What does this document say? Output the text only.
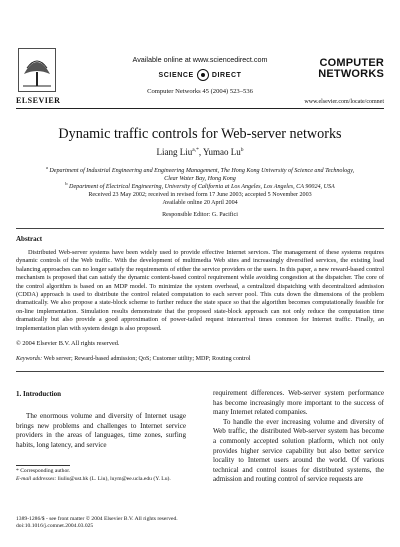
ELSEVIER
Available online at www.sciencedirect.com
SCIENCE	DIRECT
Computer Networks 45 (2004) 523–536
COMPUTER
NETWORKS
www.elsevier.com/locate/comnet
Dynamic traffic controls for Web-server networks
Liang Liu$^{a,*}$, Yumao Lu$^b$
$^a$ Department of Industrial Engineering and Engineering Management, The Hong Kong University of Science and Technology, Clear Water Bay, Hong Kong
$^b$ Department of Electrical Engineering, University of California at Los Angeles, Los Angeles, CA 90024, USA
Received 23 May 2002; received in revised form 17 June 2003; accepted 5 November 2003
Available online 20 April 2004
Responsible Editor: G. Pacifici
Abstract
Distributed Web-server systems have been widely used to provide effective Internet services. The management of these systems requires dynamic controls of the Web traffic. With the development of multimedia Web sites and increasingly diversified services, the existing load balancing approaches can no longer satisfy the requirements of either the service providers or the users. In this paper, a new reward-based control mechanism is proposed that can satisfy the dynamic content-based control requirement while avoiding congestion at the dispatcher. The core of the control algorithm is based on an MDP model. To minimize the system overhead, a centralized dispatching with decentralized admission (CDDA) approach is used to distribute the control related computation to each server pool. This cuts down the dimensions of the problem dramatically. We also propose a state-block scheme to further reduce the state space so that the algorithm becomes computationally feasible for on-line implementation. Simulation results demonstrate that the proposed state-block approach can not only reduce the computation time dramatically but also provide a good approximation of power-tailed request interarrival times common for Internet traffic. Finally, an implementation plan with system design is also proposed.
© 2004 Elsevier B.V. All rights reserved.
Keywords: Web server; Reward-based admission; QoS; Customer utility; MDP; Routing control
1. Introduction
The enormous volume and diversity of Internet usage brings new problems and challenges to Internet service providers in the areas of languages, time zones, surfing habits, long latency, and service

requirement differences. Web-server system performance has become increasingly more important to the success of many Internet related companies.

To handle the ever increasing volume and diversity of Web traffic, the distributed Web-server system has become a commonly accepted solution platform, which not only provides higher service capability but also better service locality to Internet users around the world. Of various technical and control issues for distributed systems, the admission and routing control of service requests are

* Corresponding author.
E-mail addresses: liuliu@ust.hk (L. Liu), luym@ee.ucla.edu (Y. Lu).
1389-1286/$ - see front matter © 2004 Elsevier B.V. All rights reserved.
doi:10.1016/j.comnet.2004.03.025
